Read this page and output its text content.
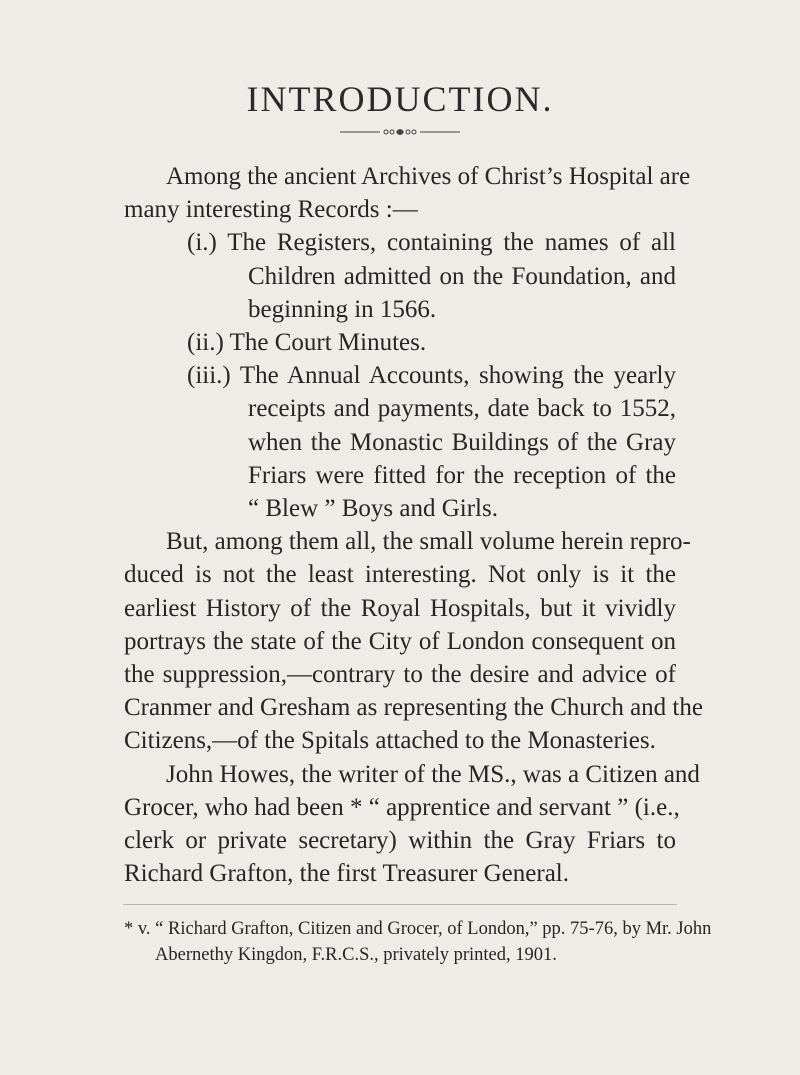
INTRODUCTION.
Among the ancient Archives of Christ’s Hospital are
many interesting Records :—
(i.) The Registers, containing the names of all
Children admitted on the Foundation, and
beginning in 1566.
(ii.) The Court Minutes.
(iii.) The Annual Accounts, showing the yearly
receipts and payments, date back to 1552,
when the Monastic Buildings of the Gray
Friars were fitted for the reception of the
“ Blew ” Boys and Girls.
But, among them all, the small volume herein repro-
duced is not the least interesting. Not only is it the
earliest History of the Royal Hospitals, but it vividly
portrays the state of the City of London consequent on
the suppression,—contrary to the desire and advice of
Cranmer and Gresham as representing the Church and the
Citizens,—of the Spitals attached to the Monasteries.
John Howes, the writer of the MS., was a Citizen and
Grocer, who had been * “ apprentice and servant ” (i.e.,
clerk or private secretary) within the Gray Friars to
Richard Grafton, the first Treasurer General.
* v. “ Richard Grafton, Citizen and Grocer, of London,” pp. 75-76, by Mr. John
Abernethy Kingdon, F.R.C.S., privately printed, 1901.
